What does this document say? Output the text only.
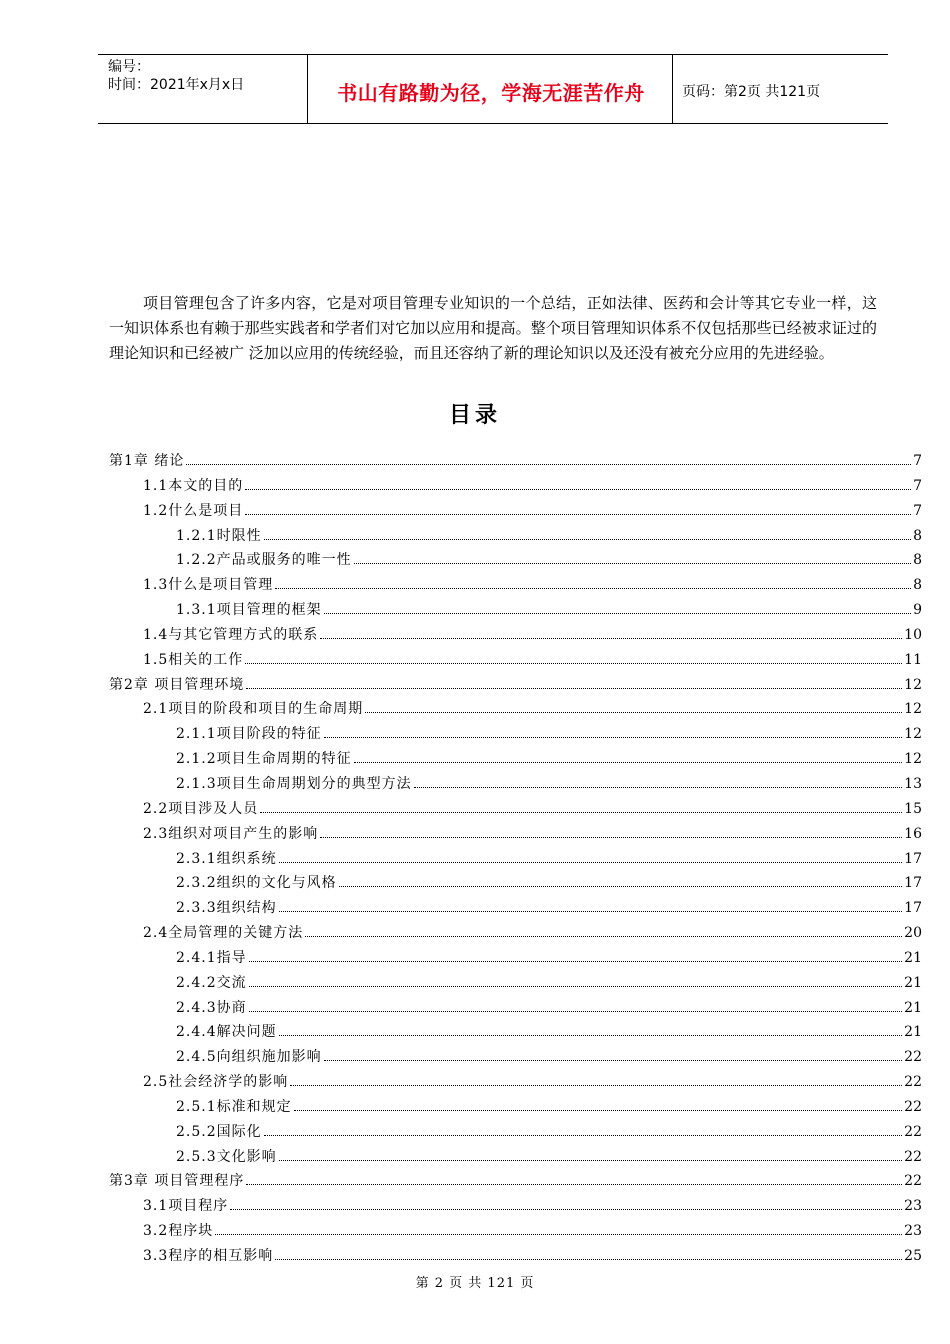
编号：
时间：2021年x月x日	书山有路勤为径，学海无涯苦作舟	页码：第2页 共121页

项目管理包含了许多内容，它是对项目管理专业知识的一个总结，正如法律、医药和会计等其它专业一样，这一知识体系也有赖于那些实践者和学者们对它加以应用和提高。整个项目管理知识体系不仅包括那些已经被求证过的理论知识和已经被广 泛加以应用的传统经验，而且还容纳了新的理论知识以及还没有被充分应用的先进经验。

目录
第1章 绪论	7
1.1本文的目的	7
1.2什么是项目	7
1.2.1时限性	8
1.2.2产品或服务的唯一性	8
1.3什么是项目管理	8
1.3.1项目管理的框架	9
1.4与其它管理方式的联系	10
1.5相关的工作	11
第2章 项目管理环境	12
2.1项目的阶段和项目的生命周期	12
2.1.1项目阶段的特征	12
2.1.2项目生命周期的特征	12
2.1.3项目生命周期划分的典型方法	13
2.2项目涉及人员	15
2.3组织对项目产生的影响	16
2.3.1组织系统	17
2.3.2组织的文化与风格	17
2.3.3组织结构	17
2.4全局管理的关键方法	20
2.4.1指导	21
2.4.2交流	21
2.4.3协商	21
2.4.4解决问题	21
2.4.5向组织施加影响	22
2.5社会经济学的影响	22
2.5.1标准和规定	22
2.5.2国际化	22
2.5.3文化影响	22
第3章 项目管理程序	22
3.1项目程序	23
3.2程序块	23
3.3程序的相互影响	25
第 2 页 共 121 页
